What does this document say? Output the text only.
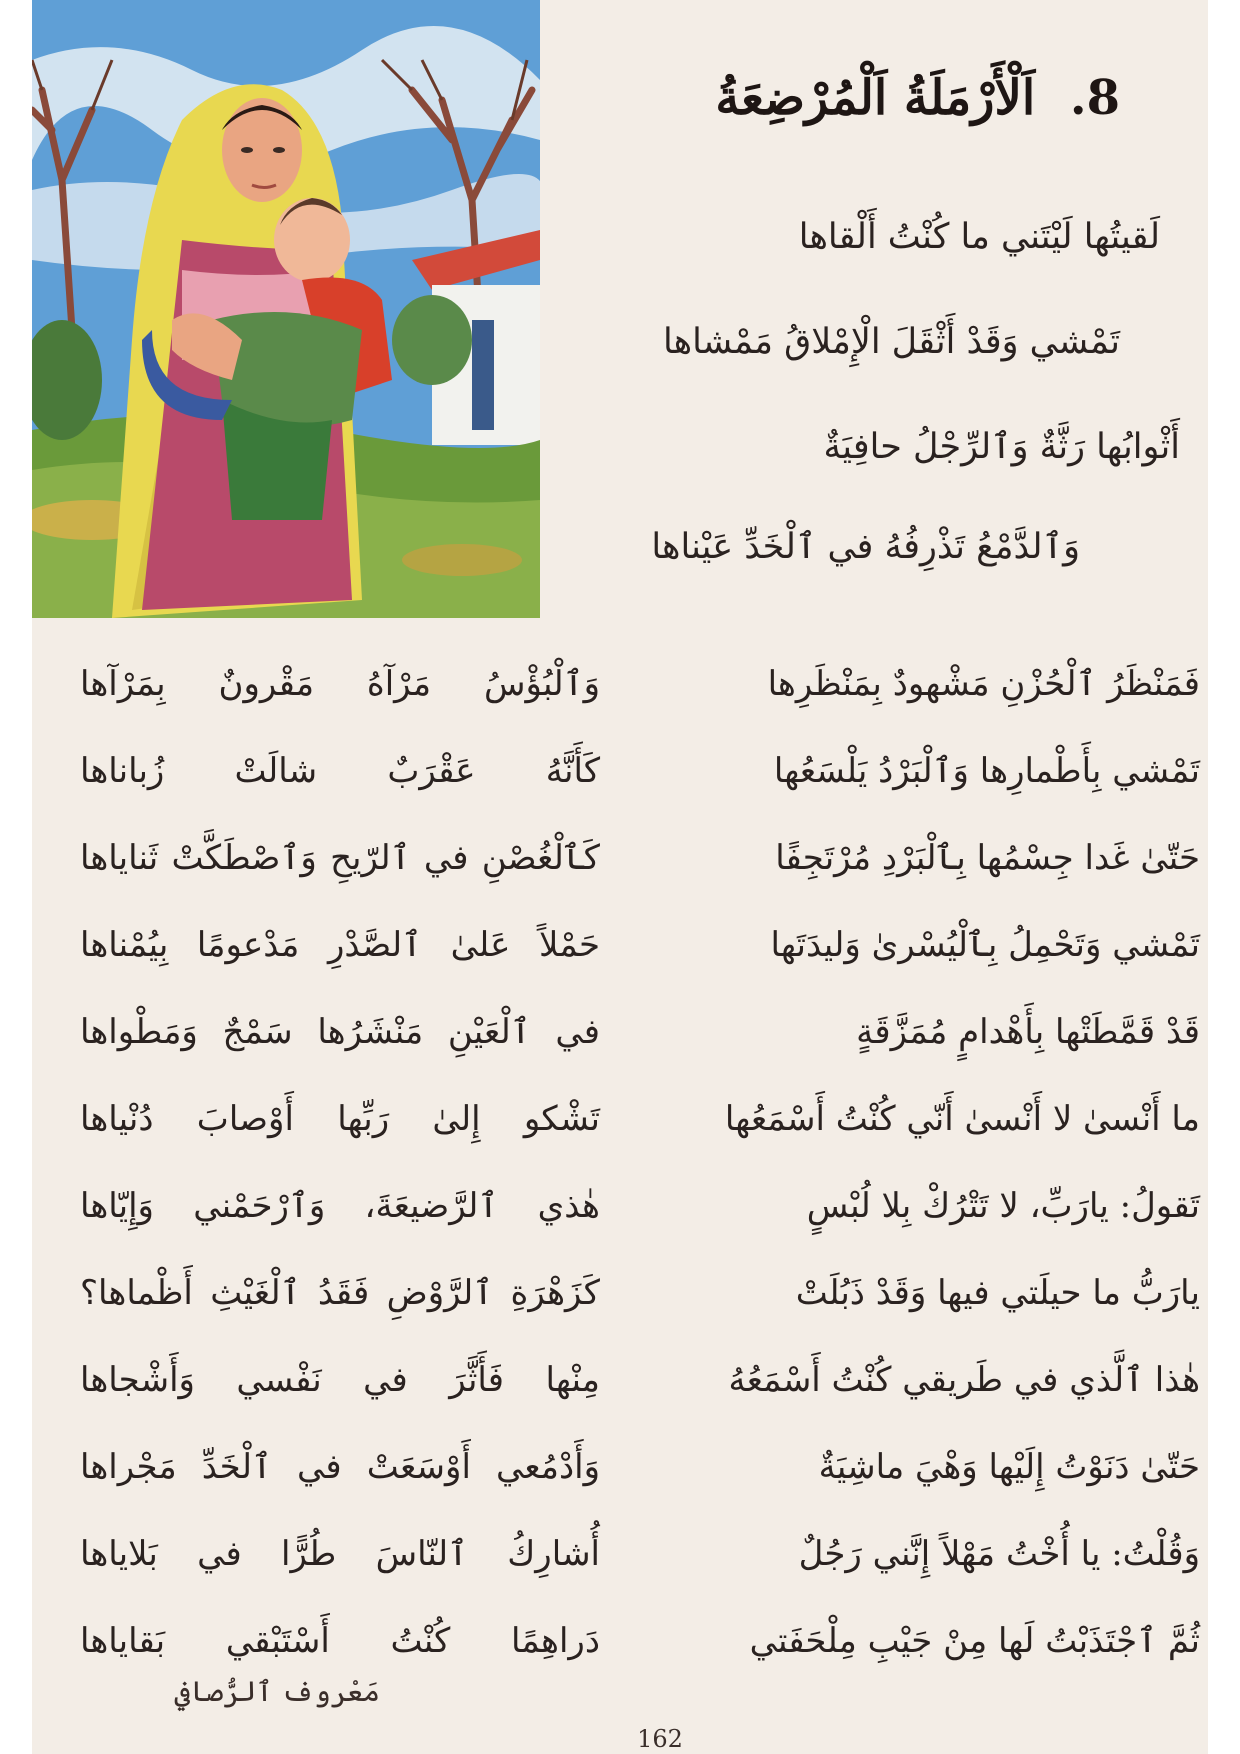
8. اَلْأَرْمَلَةُ اَلْمُرْضِعَةُ
لَقيتُها لَيْتَني ما كُنْتُ أَلْقاها
تَمْشي وَقَدْ أَثْقَلَ الْإِمْلاقُ مَمْشاها
أَثْوابُها رَثَّةٌ وَٱلرِّجْلُ حافِيَةٌ
وَٱلدَّمْعُ تَذْرِفُهُ في ٱلْخَدِّ عَيْناها
فَمَنْظَرُ ٱلْحُزْنِ مَشْهودٌ بِمَنْظَرِها
وَٱلْبُؤْسُ مَرْآهُ مَقْرونٌ بِمَرْآها
تَمْشي بِأَطْمارِها وَٱلْبَرْدُ يَلْسَعُها
كَأَنَّهُ عَقْرَبٌ شالَتْ زُباناها
حَتّىٰ غَدا جِسْمُها بِٱلْبَرْدِ مُرْتَجِفًا
كَٱلْغُصْنِ في ٱلرّيحِ وَٱصْطَكَّتْ ثَناياها
تَمْشي وَتَحْمِلُ بِٱلْيُسْرىٰ وَليدَتَها
حَمْلاً عَلىٰ ٱلصَّدْرِ مَدْعومًا بِيُمْناها
قَدْ قَمَّطَتْها بِأَهْدامٍ مُمَزَّقَةٍ
في ٱلْعَيْنِ مَنْشَرُها سَمْجٌ وَمَطْواها
ما أَنْسىٰ لا أَنْسىٰ أَنّي كُنْتُ أَسْمَعُها
تَشْكو إِلىٰ رَبِّها أَوْصابَ دُنْياها
تَقولُ: يارَبِّ، لا تَتْرُكْ بِلا لُبْسٍ
هٰذي ٱلرَّضيعَةَ، وَٱرْحَمْني وَإِيّاها
يارَبُّ ما حيلَتي فيها وَقَدْ ذَبُلَتْ
كَزَهْرَةِ ٱلرَّوْضِ فَقَدُ ٱلْغَيْثِ أَظْماها؟
هٰذا ٱلَّذي في طَريقي كُنْتُ أَسْمَعُهُ
مِنْها فَأَثَّرَ في نَفْسي وَأَشْجاها
حَتّىٰ دَنَوْتُ إِلَيْها وَهْيَ ماشِيَةٌ
وَأَدْمُعي أَوْسَعَتْ في ٱلْخَدِّ مَجْراها
وَقُلْتُ: يا أُخْتُ مَهْلاً إِنَّني رَجُلٌ
أُشارِكُ ٱلنّاسَ طُرًّا في بَلاياها
ثُمَّ ٱجْتَذَبْتُ لَها مِنْ جَيْبِ مِلْحَفَتي
دَراهِمًا كُنْتُ أَسْتَبْقي بَقاياها
مَعْروف ٱلرُّصافي
162
